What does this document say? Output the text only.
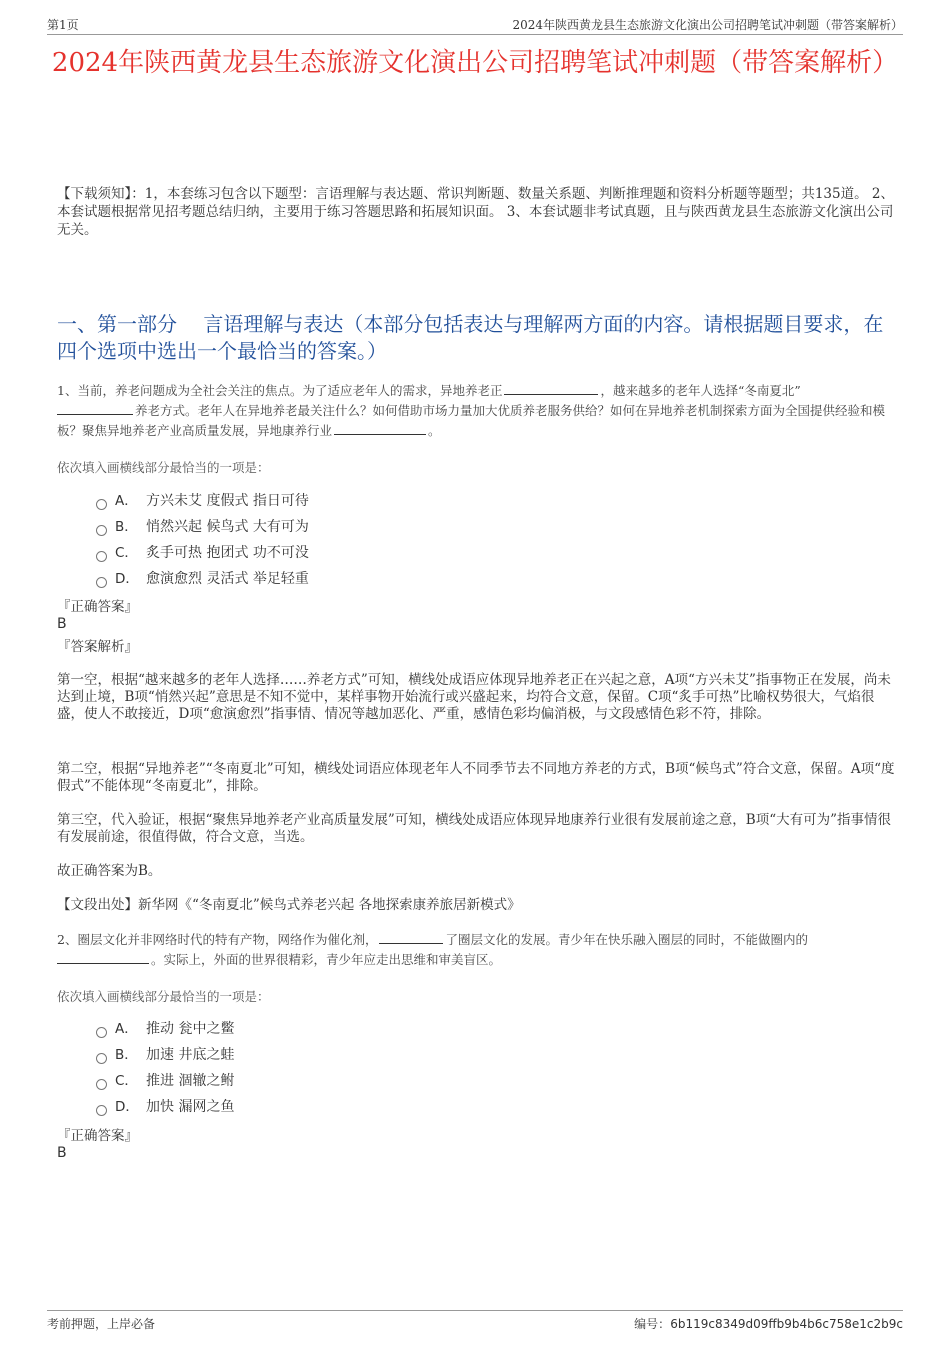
第1页	2024年陕西黄龙县生态旅游文化演出公司招聘笔试冲刺题（带答案解析）
2024年陕西黄龙县生态旅游文化演出公司招聘笔试冲刺题（带答案解析）

【下载须知】：1，本套练习包含以下题型：言语理解与表达题、常识判断题、数量关系题、判断推理题和资料分析题等题型；共135道。 2、本套试题根据常见招考题总结归纳，主要用于练习答题思路和拓展知识面。 3、本套试题非考试真题，且与陕西黄龙县生态旅游文化演出公司无关。

一、第一部分　 言语理解与表达（本部分包括表达与理解两方面的内容。请根据题目要求，在四个选项中选出一个最恰当的答案。）

1、当前，养老问题成为全社会关注的焦点。为了适应老年人的需求，异地养老正	，越来越多的老年人选择“冬南夏北”
养老方式。老年人在异地养老最关注什么？如何借助市场力量加大优质养老服务供给？如何在异地养老机制探索方面为全国提供经验和模板？聚焦异地养老产业高质量发展，异地康养行业	。

依次填入画横线部分最恰当的一项是：

A． 方兴未艾 度假式 指日可待
B． 悄然兴起 候鸟式 大有可为
C． 炙手可热 抱团式 功不可没
D． 愈演愈烈 灵活式 举足轻重

『正确答案』

B

『答案解析』

第一空，根据“越来越多的老年人选择……养老方式”可知，横线处成语应体现异地养老正在兴起之意，A项“方兴未艾”指事物正在发展，尚未达到止境，B项“悄然兴起”意思是不知不觉中，某样事物开始流行或兴盛起来，均符合文意，保留。C项“炙手可热”比喻权势很大，气焰很盛，使人不敢接近，D项“愈演愈烈”指事情、情况等越加恶化、严重，感情色彩均偏消极，与文段感情色彩不符，排除。

第二空，根据“异地养老”“冬南夏北”可知，横线处词语应体现老年人不同季节去不同地方养老的方式，B项“候鸟式”符合文意，保留。A项“度假式”不能体现“冬南夏北”，排除。

第三空，代入验证，根据“聚焦异地养老产业高质量发展”可知，横线处成语应体现异地康养行业很有发展前途之意，B项“大有可为”指事情很有发展前途，很值得做，符合文意，当选。

故正确答案为B。

【文段出处】新华网《“冬南夏北”候鸟式养老兴起 各地探索康养旅居新模式》

2、圈层文化并非网络时代的特有产物，网络作为催化剂，	了圈层文化的发展。青少年在快乐融入圈层的同时，不能做圈内的
。实际上，外面的世界很精彩，青少年应走出思维和审美盲区。

依次填入画横线部分最恰当的一项是：

A． 推动 瓮中之鳖
B． 加速 井底之蛙
C． 推进 涸辙之鲋
D． 加快 漏网之鱼

『正确答案』

B

考前押题，上岸必备	编号：6b119c8349d09ffb9b4b6c758e1c2b9c
